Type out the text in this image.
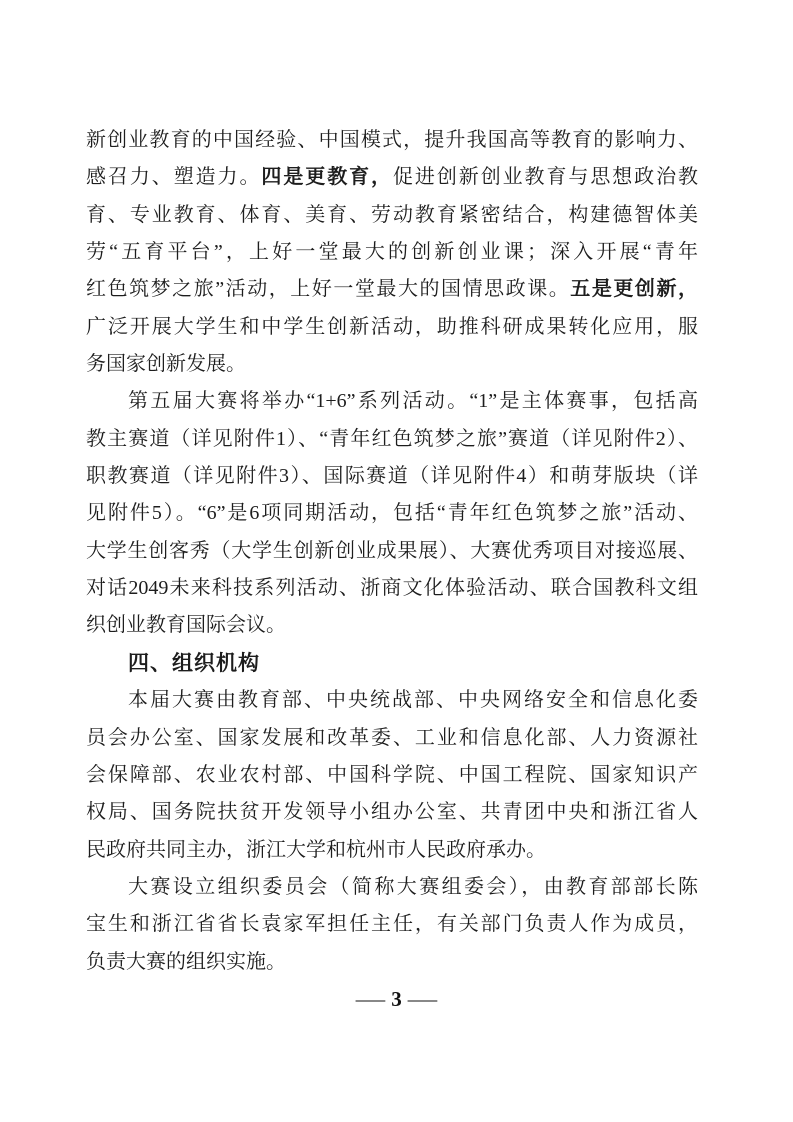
新创业教育的中国经验、中国模式，提升我国高等教育的影响力、
感召力、塑造力。四是更教育，促进创新创业教育与思想政治教
育、专业教育、体育、美育、劳动教育紧密结合，构建德智体美
劳“五育平台”，上好一堂最大的创新创业课；深入开展“青年
红色筑梦之旅”活动，上好一堂最大的国情思政课。五是更创新，
广泛开展大学生和中学生创新活动，助推科研成果转化应用，服
务国家创新发展。
第五届大赛将举办“1+6”系列活动。“1”是主体赛事，包括高
教主赛道（详见附件1）、“青年红色筑梦之旅”赛道（详见附件2）、
职教赛道（详见附件3）、国际赛道（详见附件4）和萌芽版块（详
见附件5）。“6”是6项同期活动，包括“青年红色筑梦之旅”活动、
大学生创客秀（大学生创新创业成果展）、大赛优秀项目对接巡展、
对话2049未来科技系列活动、浙商文化体验活动、联合国教科文组
织创业教育国际会议。
四、组织机构
本届大赛由教育部、中央统战部、中央网络安全和信息化委
员会办公室、国家发展和改革委、工业和信息化部、人力资源社
会保障部、农业农村部、中国科学院、中国工程院、国家知识产
权局、国务院扶贫开发领导小组办公室、共青团中央和浙江省人
民政府共同主办，浙江大学和杭州市人民政府承办。
大赛设立组织委员会（简称大赛组委会），由教育部部长陈
宝生和浙江省省长袁家军担任主任，有关部门负责人作为成员，
负责大赛的组织实施。
— 3 —
